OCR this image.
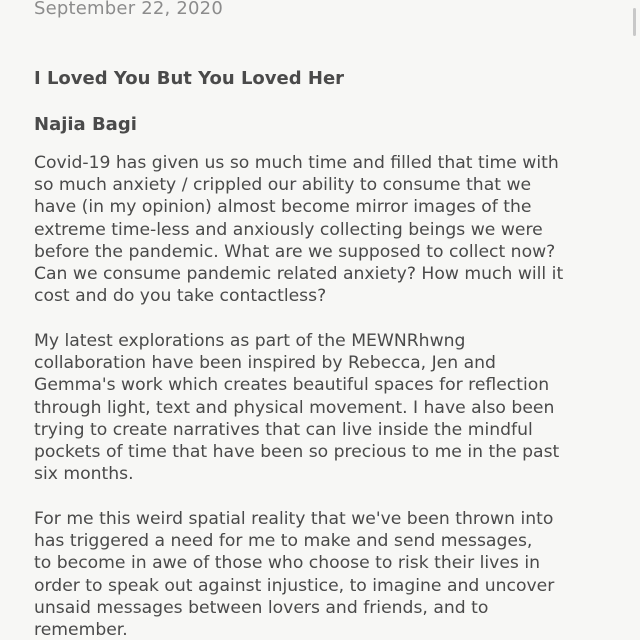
September 22, 2020
I Loved You But You Loved Her
Najia Bagi

Covid-19 has given us so much time and filled that time with
so much anxiety / crippled our ability to consume that we
have (in my opinion) almost become mirror images of the
extreme time-less and anxiously collecting beings we were
before the pandemic. What are we supposed to collect now?
Can we consume pandemic related anxiety? How much will it
cost and do you take contactless?

My latest explorations as part of the MEWNRhwng
collaboration have been inspired by Rebecca, Jen and
Gemma's work which creates beautiful spaces for reflection
through light, text and physical movement. I have also been
trying to create narratives that can live inside the mindful
pockets of time that have been so precious to me in the past
six months.

For me this weird spatial reality that we've been thrown into
has triggered a need for me to make and send messages,
to become in awe of those who choose to risk their lives in
order to speak out against injustice, to imagine and uncover
unsaid messages between lovers and friends, and to
remember.
